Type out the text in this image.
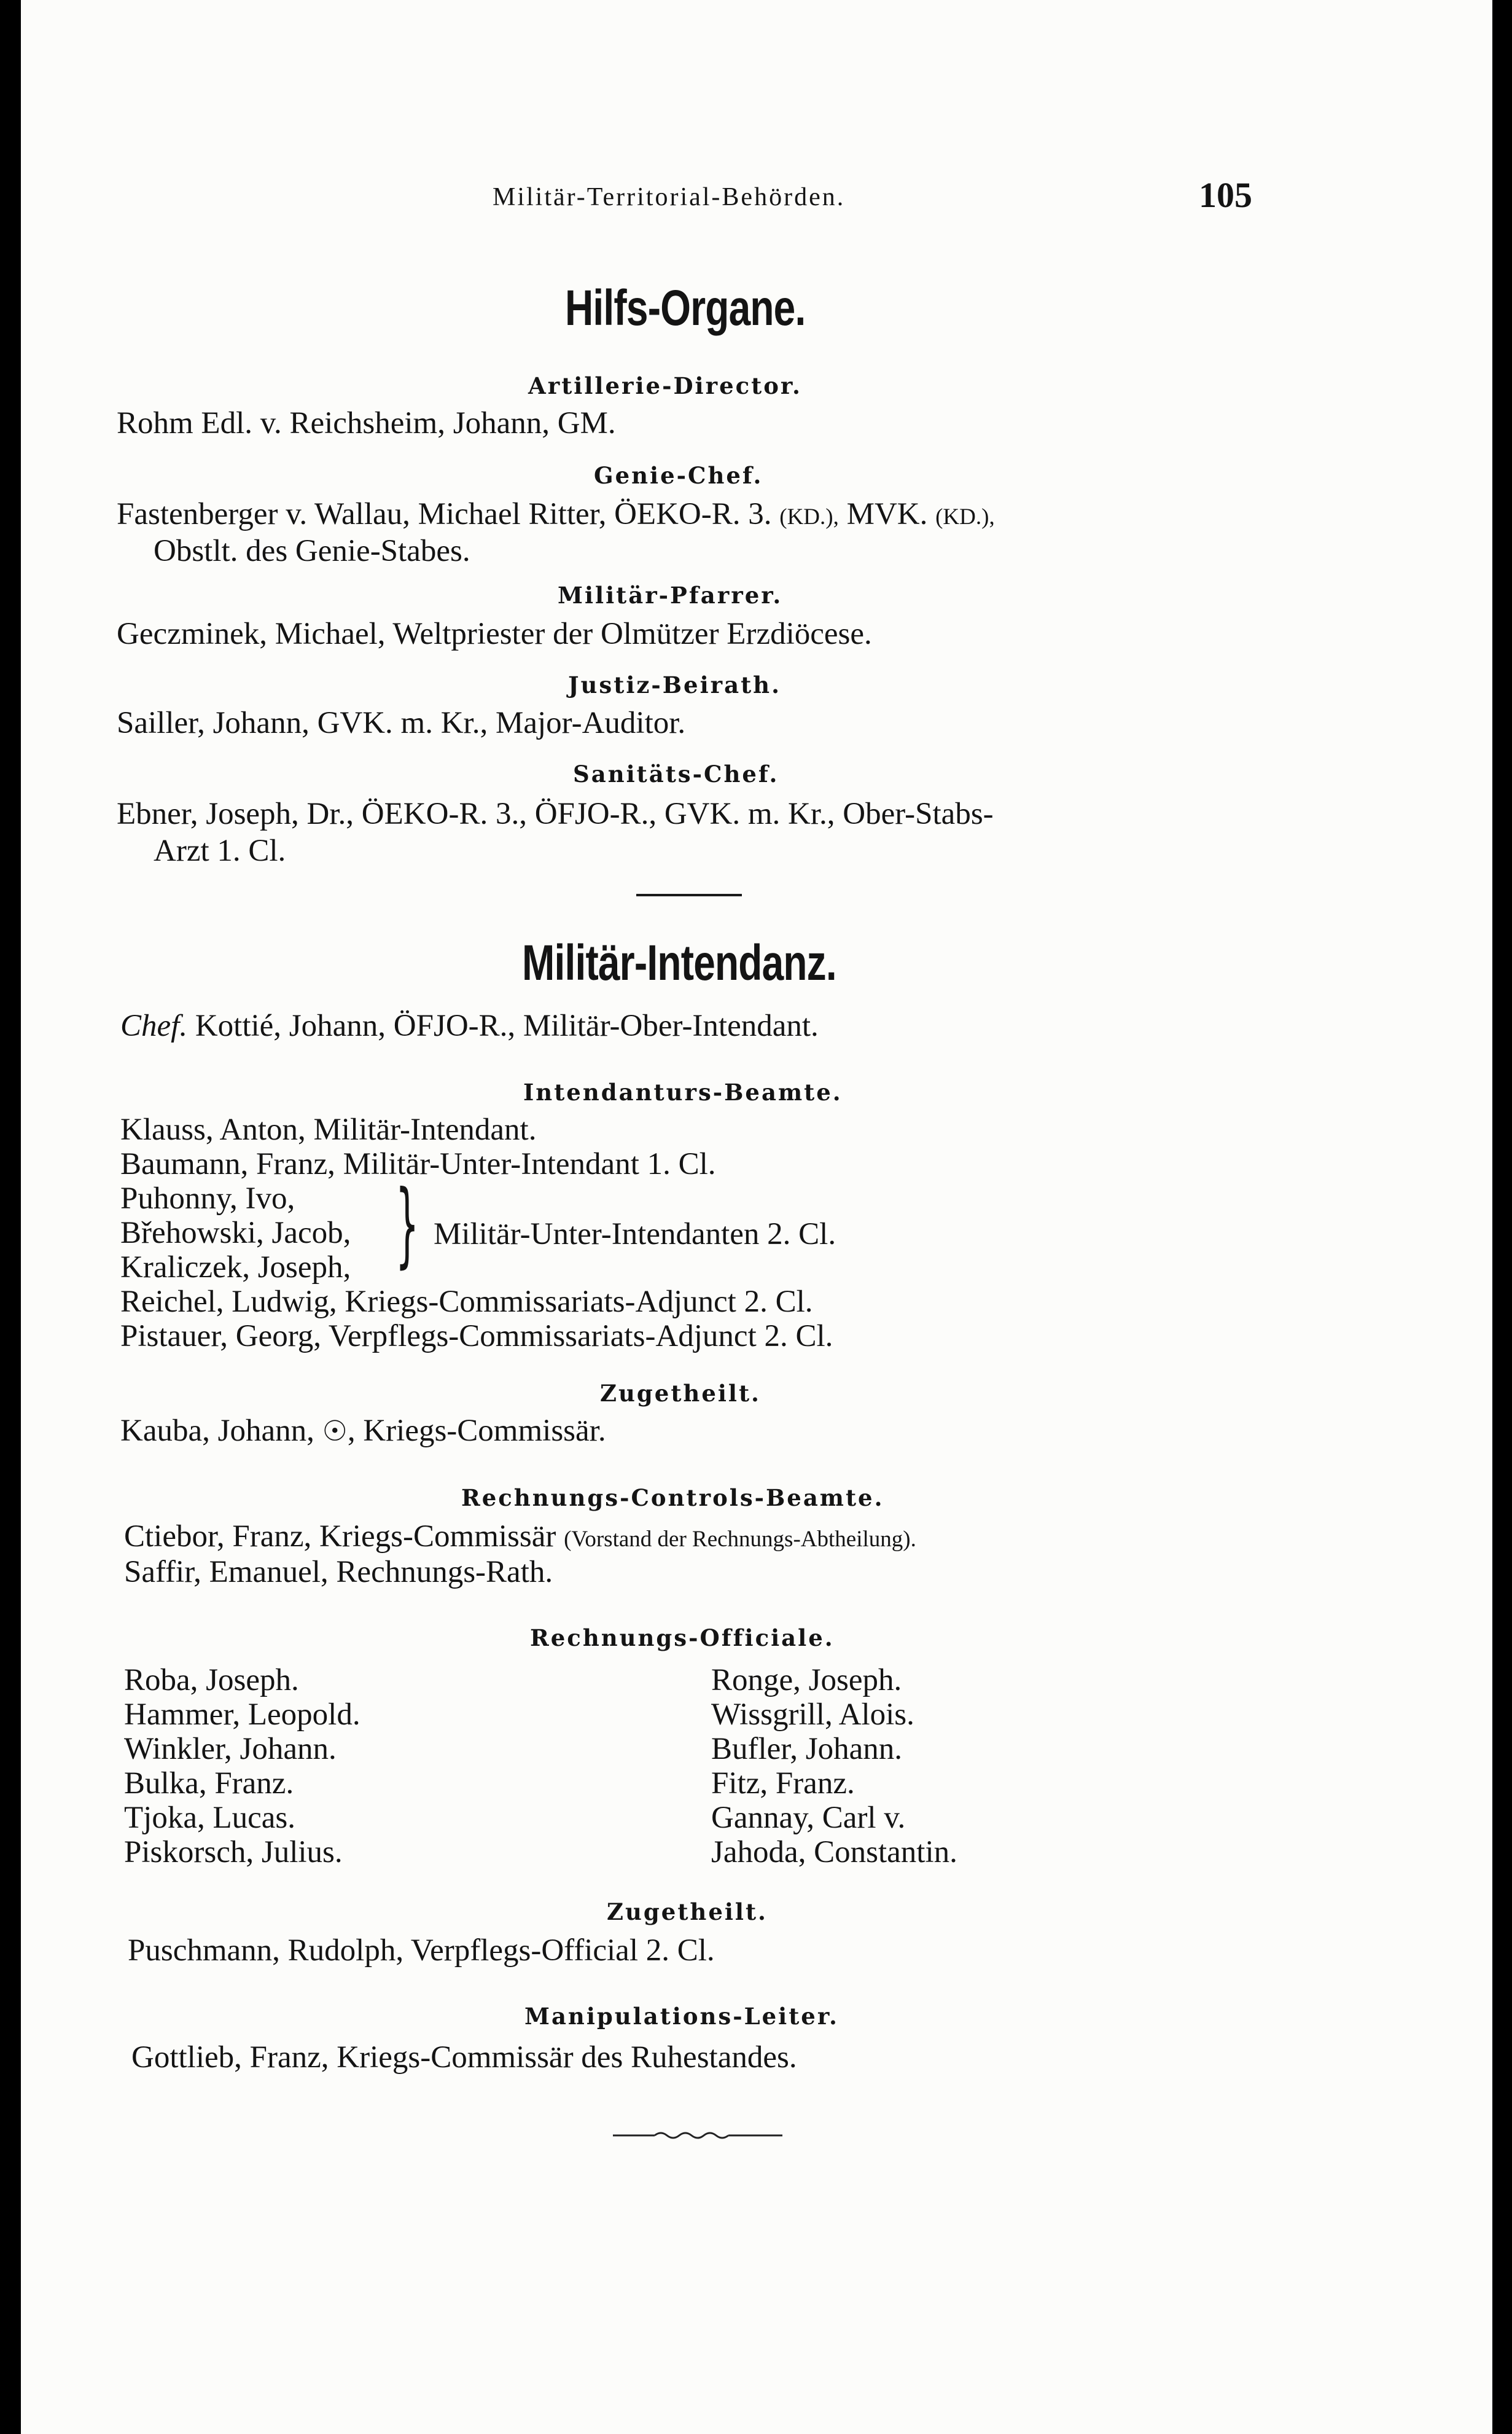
Militär-Territorial-Behörden.	105
Hilfs-Organe.
Artillerie-Director.
Rohm Edl. v. Reichsheim, Johann, GM.
Genie-Chef.
Fastenberger v. Wallau, Michael Ritter, ÖEKO-R. 3. (KD.), MVK. (KD.),
Obstlt. des Genie-Stabes.
Militär-Pfarrer.
Geczminek, Michael, Weltpriester der Olmützer Erzdiöcese.
Justiz-Beirath.
Sailler, Johann, GVK. m. Kr., Major-Auditor.
Sanitäts-Chef.
Ebner, Joseph, Dr., ÖEKO-R. 3., ÖFJO-R., GVK. m. Kr., Ober-Stabs-
Arzt 1. Cl.
Militär-Intendanz.
Chef. Kottié, Johann, ÖFJO-R., Militär-Ober-Intendant.
Intendanturs-Beamte.
Klauss, Anton, Militär-Intendant.
Baumann, Franz, Militär-Unter-Intendant 1. Cl.
Puhonny, Ivo,
Břehowski, Jacob,
Kraliczek, Joseph, } Militär-Unter-Intendanten 2. Cl.
Reichel, Ludwig, Kriegs-Commissariats-Adjunct 2. Cl.
Pistauer, Georg, Verpflegs-Commissariats-Adjunct 2. Cl.
Zugetheilt.
Kauba, Johann, ☉, Kriegs-Commissär.
Rechnungs-Controls-Beamte.
Ctiebor, Franz, Kriegs-Commissär (Vorstand der Rechnungs-Abtheilung).
Saffir, Emanuel, Rechnungs-Rath.
Rechnungs-Officiale.
Roba, Joseph.
Hammer, Leopold.
Winkler, Johann.
Bulka, Franz.
Tjoka, Lucas.
Piskorsch, Julius.
Ronge, Joseph.
Wissgrill, Alois.
Bufler, Johann.
Fitz, Franz.
Gannay, Carl v.
Jahoda, Constantin.
Zugetheilt.
Puschmann, Rudolph, Verpflegs-Official 2. Cl.
Manipulations-Leiter.
Gottlieb, Franz, Kriegs-Commissär des Ruhestandes.
